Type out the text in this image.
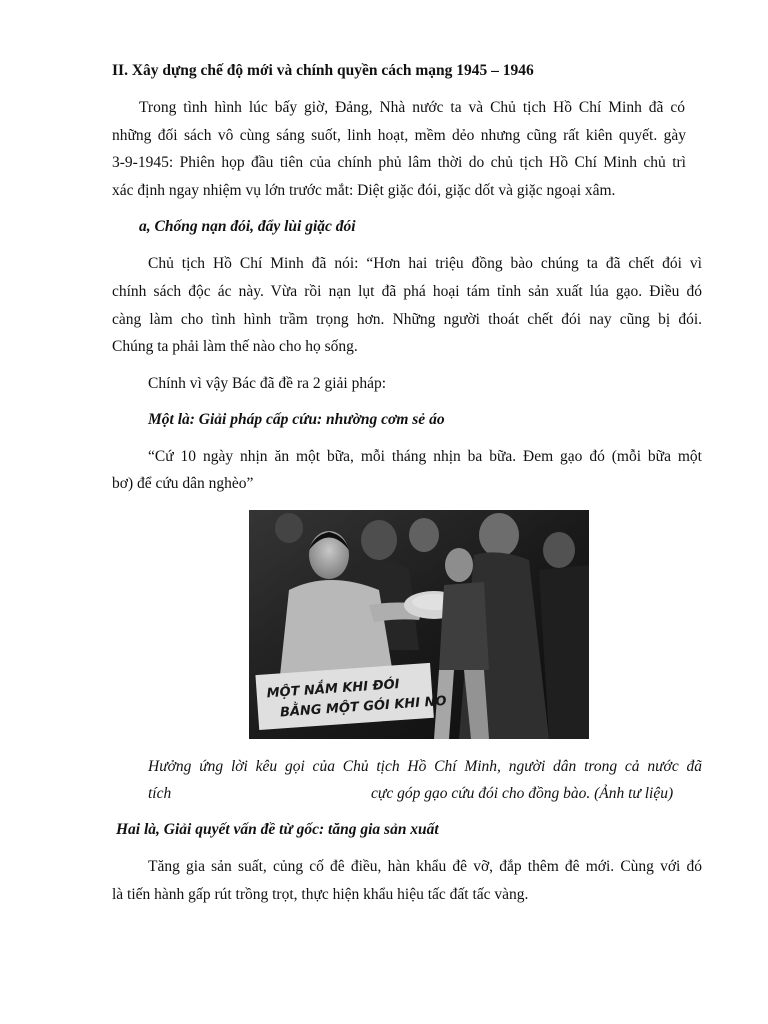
II. Xây dựng chế độ mới và chính quyền cách mạng 1945 – 1946
Trong tình hình lúc bấy giờ, Đảng, Nhà nước ta và Chủ tịch Hồ Chí Minh đã có
những đối sách vô cùng sáng suốt, linh hoạt, mềm dẻo nhưng cũng rất kiên quyết. gày
3-9-1945: Phiên họp đầu tiên của chính phủ lâm thời do chủ tịch Hồ Chí Minh chủ trì
xác định ngay nhiệm vụ lớn trước mắt: Diệt giặc đói, giặc dốt và giặc ngoại xâm.
a, Chống nạn đói, đẩy lùi giặc đói
Chủ tịch Hồ Chí Minh đã nói: “Hơn hai triệu đồng bào chúng ta đã chết đói vì
chính sách độc ác này. Vừa rồi nạn lụt đã phá hoại tám tỉnh sản xuất lúa gạo. Điều đó
càng làm cho tình hình trầm trọng hơn. Những người thoát chết đói nay cũng bị đói.
Chúng ta phải làm thế nào cho họ sống.
Chính vì vậy Bác đã đề ra 2 giải pháp:
Một là: Giải pháp cấp cứu: nhường cơm sẻ áo
“Cứ 10 ngày nhịn ăn một bữa, mỗi tháng nhịn ba bữa. Đem gạo đó (mỗi bữa một
bơ) để cứu dân nghèo”
MỘT NẮM KHI ĐÓI
BẰNG MỘT GÓI KHI NO
Hưởng ứng lời kêu gọi của Chủ tịch Hồ Chí Minh, người dân trong cả nước đã
tích	cực góp gạo cứu đói cho đồng bào. (Ảnh tư liệu)
Hai là, Giải quyết vấn đề từ gốc: tăng gia sản xuất
Tăng gia sản suất, củng cố đê điều, hàn khẩu đê vỡ, đắp thêm đê mới. Cùng với đó
là tiến hành gấp rút trồng trọt, thực hiện khẩu hiệu tấc đất tấc vàng.
